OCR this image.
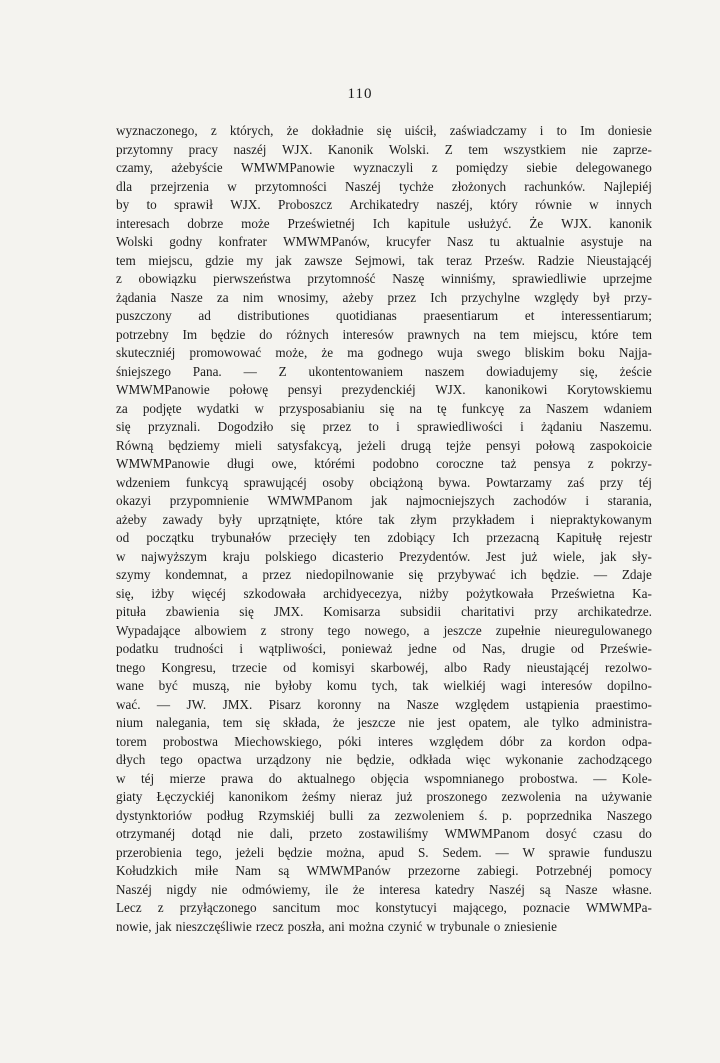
110
wyznaczonego, z których, że dokładnie się uiścił, zaświadczamy i to Im doniesie
przytomny pracy naszéj WJX. Kanonik Wolski. Z tem wszystkiem nie zaprze-
czamy, ażebyście WMWMPanowie wyznaczyli z pomiędzy siebie delegowanego
dla przejrzenia w przytomności Naszéj tychże złożonych rachunków. Najlepiéj
by to sprawił WJX. Proboszcz Archikatedry naszéj, który równie w innych
interesach dobrze może Prześwietnéj Ich kapitule usłużyć. Że WJX. kanonik
Wolski godny konfrater WMWMPanów, krucyfer Nasz tu aktualnie asystuje na
tem miejscu, gdzie my jak zawsze Sejmowi, tak teraz Prześw. Radzie Nieustającéj
z obowiązku pierwszeństwa przytomność Naszę winniśmy, sprawiedliwie uprzejme
żądania Nasze za nim wnosimy, ażeby przez Ich przychylne względy był przy-
puszczony ad distributiones quotidianas praesentiarum et interessentiarum;
potrzebny Im będzie do różnych interesów prawnych na tem miejscu, które tem
skuteczniéj promowować może, że ma godnego wuja swego bliskim boku Najja-
śniejszego Pana. — Z ukontentowaniem naszem dowiadujemy się, żeście
WMWMPanowie połowę pensyi prezydenckiéj WJX. kanonikowi Korytowskiemu
za podjęte wydatki w przysposabianiu się na tę funkcyę za Naszem wdaniem
się przyznali. Dogodziło się przez to i sprawiedliwości i żądaniu Naszemu.
Równą będziemy mieli satysfakcyą, jeżeli drugą tejże pensyi połową zaspokoicie
WMWMPanowie długi owe, którémi podobno coroczne taż pensya z pokrzy-
wdzeniem funkcyą sprawującéj osoby obciążoną bywa. Powtarzamy zaś przy téj
okazyi przypomnienie WMWMPanom jak najmocniejszych zachodów i starania,
ażeby zawady były uprzątnięte, które tak złym przykładem i niepraktykowanym
od początku trybunałów przecięły ten zdobiący Ich przezacną Kapitułę rejestr
w najwyższym kraju polskiego dicasterio Prezydentów. Jest już wiele, jak sły-
szymy kondemnat, a przez niedopilnowanie się przybywać ich będzie. — Zdaje
się, iżby więcéj szkodowała archidyecezya, niżby pożytkowała Prześwietna Ka-
pituła zbawienia się JMX. Komisarza subsidii charitativi przy archikatedrze.
Wypadające albowiem z strony tego nowego, a jeszcze zupełnie nieuregulowanego
podatku trudności i wątpliwości, ponieważ jedne od Nas, drugie od Prześwie-
tnego Kongresu, trzecie od komisyi skarbowéj, albo Rady nieustającéj rezolwo-
wane być muszą, nie byłoby komu tych, tak wielkiéj wagi interesów dopilno-
wać. — JW. JMX. Pisarz koronny na Nasze względem ustąpienia praestimo-
nium nalegania, tem się składa, że jeszcze nie jest opatem, ale tylko administra-
torem probostwa Miechowskiego, póki interes względem dóbr za kordon odpa-
dłych tego opactwa urządzony nie będzie, odkłada więc wykonanie zachodzącego
w téj mierze prawa do aktualnego objęcia wspomnianego probostwa. — Kole-
giaty Łęczyckiéj kanonikom żeśmy nieraz już proszonego zezwolenia na używanie
dystynktoriów podług Rzymskiéj bulli za zezwoleniem ś. p. poprzednika Naszego
otrzymanéj dotąd nie dali, przeto zostawiliśmy WMWMPanom dosyć czasu do
przerobienia tego, jeżeli będzie można, apud S. Sedem. — W sprawie funduszu
Kołudzkich miłe Nam są WMWMPanów przezorne zabiegi. Potrzebnéj pomocy
Naszéj nigdy nie odmówiemy, ile że interesa katedry Naszéj są Nasze własne.
Lecz z przyłączonego sancitum moc konstytucyi mającego, poznacie WMWMPa-
nowie, jak nieszczęśliwie rzecz poszła, ani można czynić w trybunale o zniesienie
